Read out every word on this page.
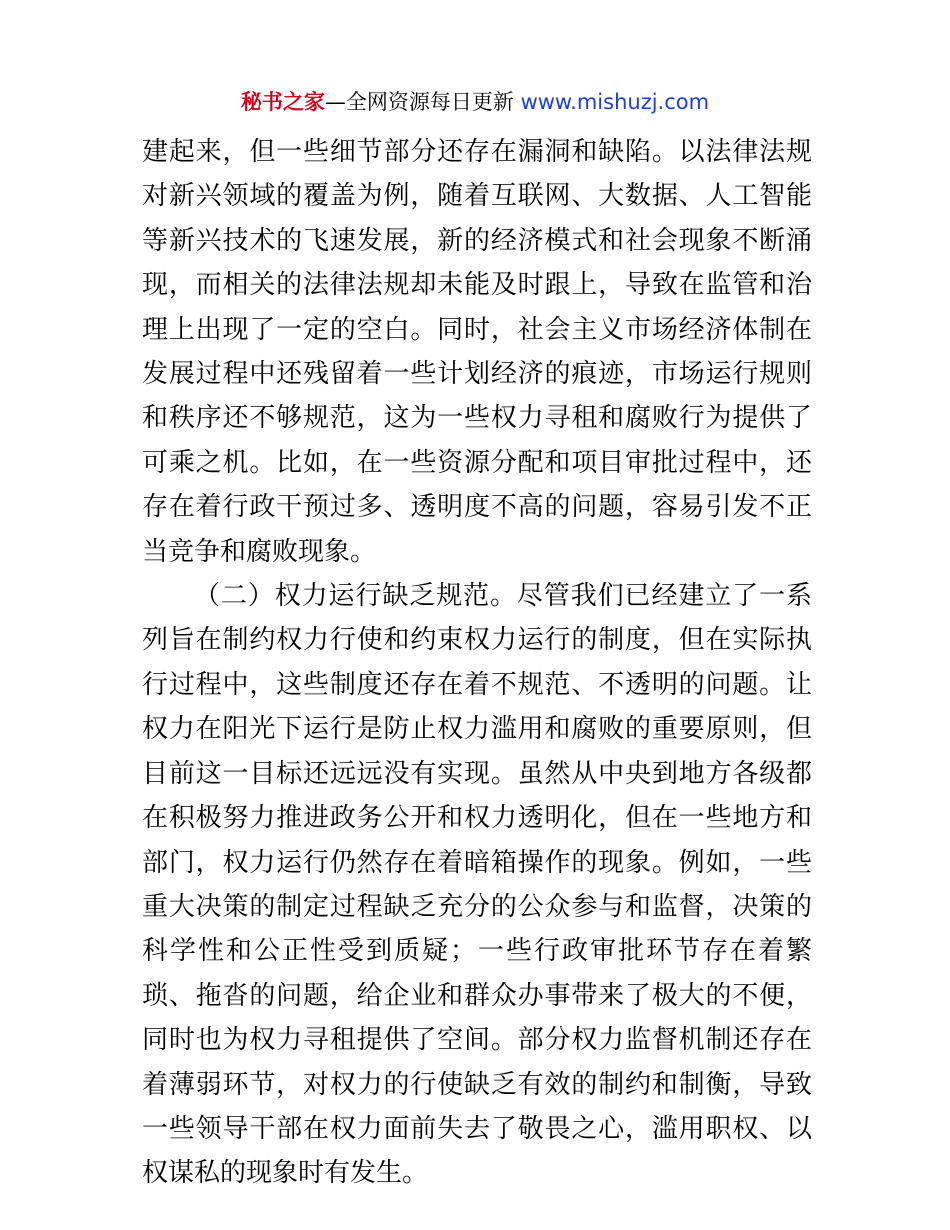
秘书之家—全网资源每日更新 www.mishuzj.com

建起来，但一些细节部分还存在漏洞和缺陷。以法律法规对新兴领域的覆盖为例，随着互联网、大数据、人工智能等新兴技术的飞速发展，新的经济模式和社会现象不断涌现，而相关的法律法规却未能及时跟上，导致在监管和治理上出现了一定的空白。同时，社会主义市场经济体制在发展过程中还残留着一些计划经济的痕迹，市场运行规则和秩序还不够规范，这为一些权力寻租和腐败行为提供了可乘之机。比如，在一些资源分配和项目审批过程中，还存在着行政干预过多、透明度不高的问题，容易引发不正当竞争和腐败现象。

（二）权力运行缺乏规范。尽管我们已经建立了一系列旨在制约权力行使和约束权力运行的制度，但在实际执行过程中，这些制度还存在着不规范、不透明的问题。让权力在阳光下运行是防止权力滥用和腐败的重要原则，但目前这一目标还远远没有实现。虽然从中央到地方各级都在积极努力推进政务公开和权力透明化，但在一些地方和部门，权力运行仍然存在着暗箱操作的现象。例如，一些重大决策的制定过程缺乏充分的公众参与和监督，决策的科学性和公正性受到质疑；一些行政审批环节存在着繁琐、拖沓的问题，给企业和群众办事带来了极大的不便，同时也为权力寻租提供了空间。部分权力监督机制还存在着薄弱环节，对权力的行使缺乏有效的制约和制衡，导致一些领导干部在权力面前失去了敬畏之心，滥用职权、以权谋私的现象时有发生。
